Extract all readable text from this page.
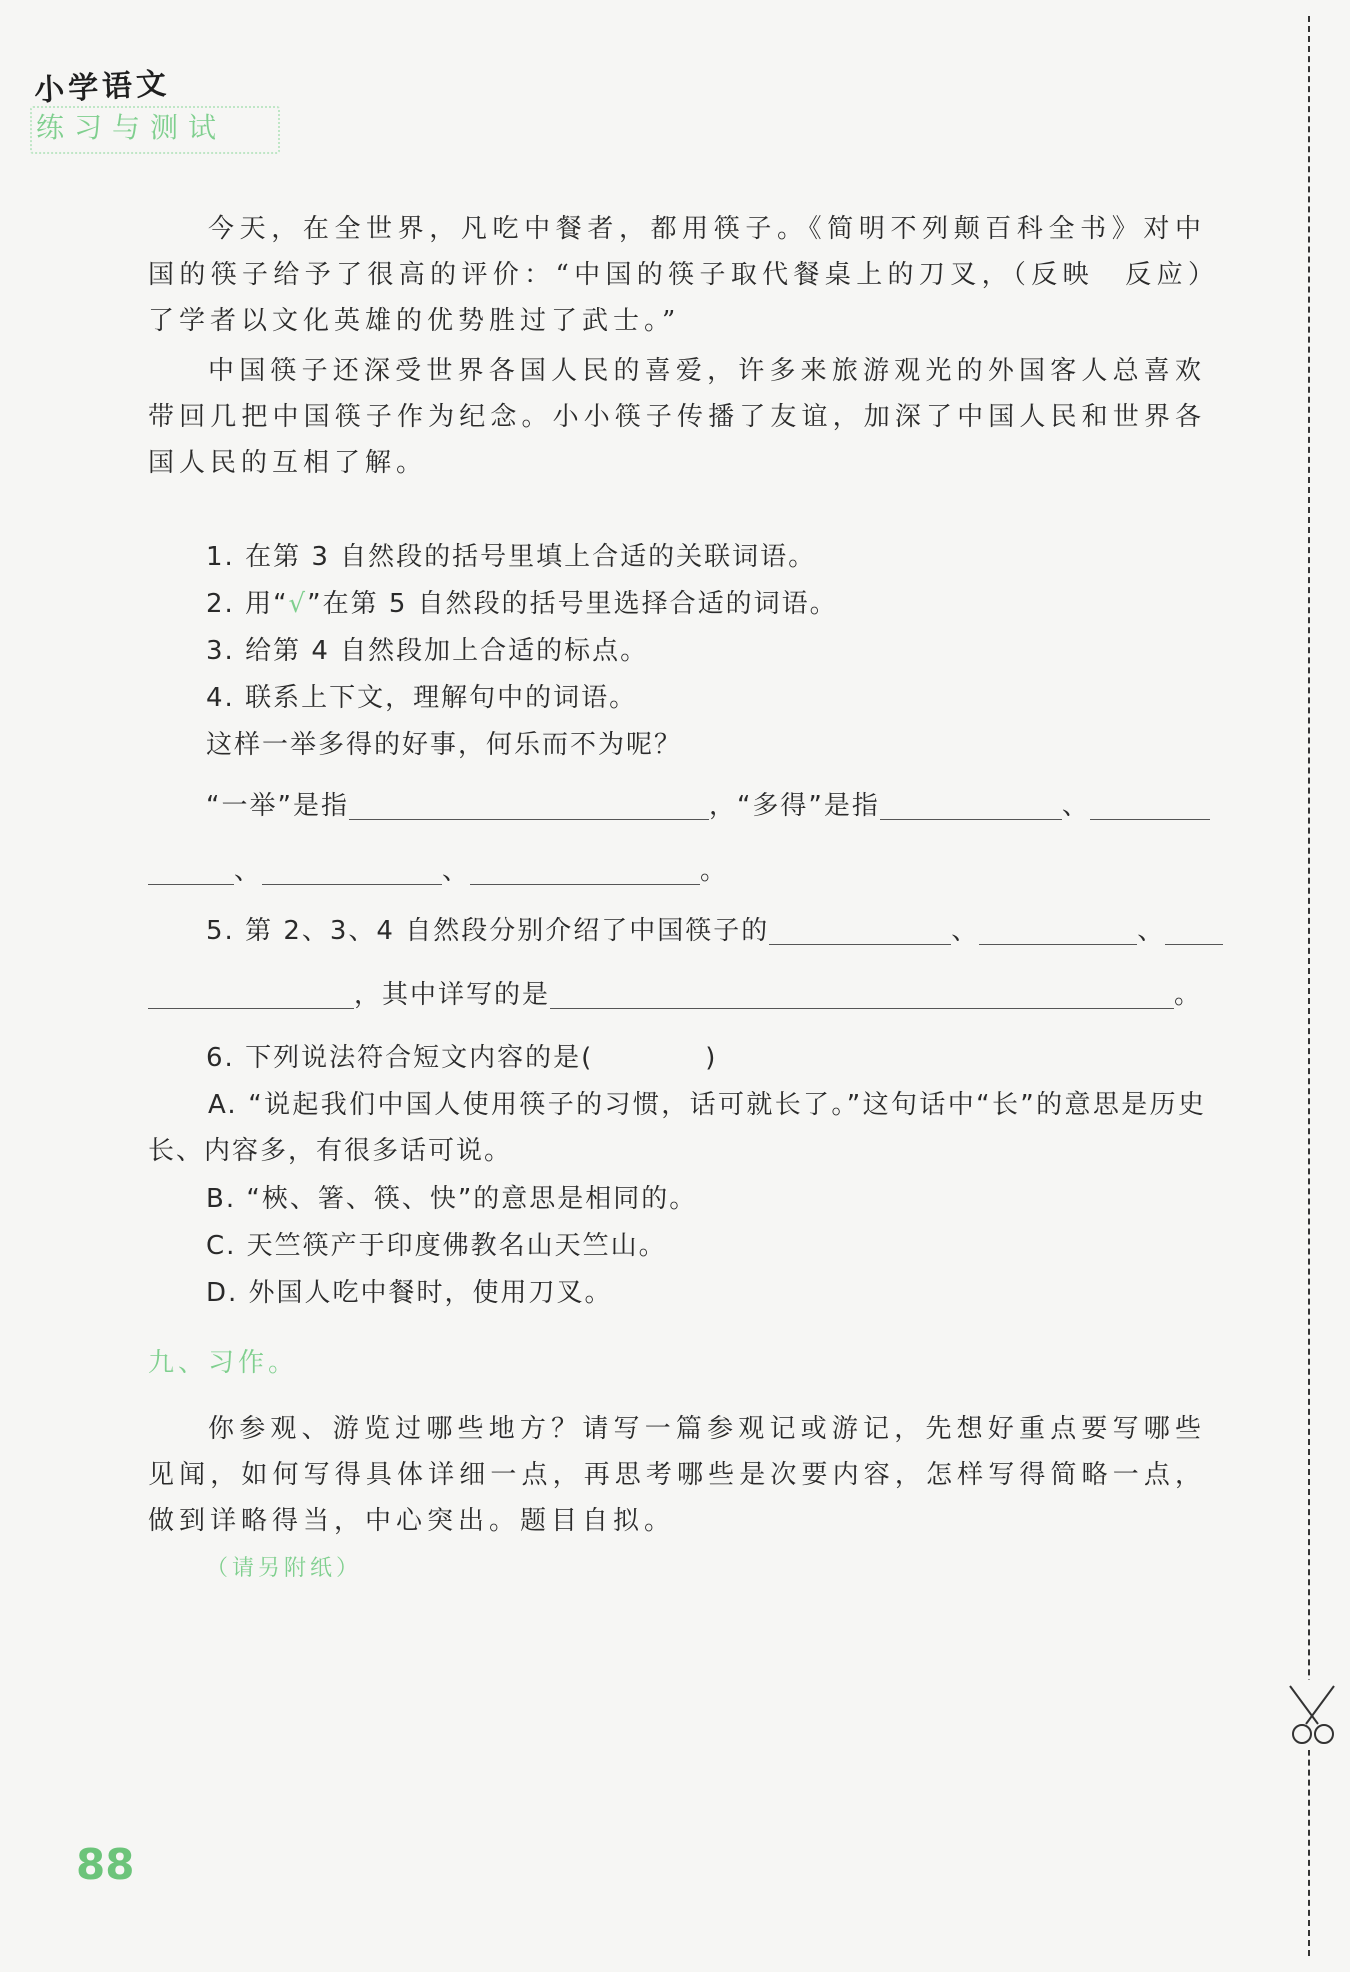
小学语文
练习与测试
今天，在全世界，凡吃中餐者，都用筷子。《简明不列颠百科全书》对中国的筷子给予了很高的评价：“中国的筷子取代餐桌上的刀叉，（反映　反应）了学者以文化英雄的优势胜过了武士。”
中国筷子还深受世界各国人民的喜爱，许多来旅游观光的外国客人总喜欢带回几把中国筷子作为纪念。小小筷子传播了友谊，加深了中国人民和世界各国人民的互相了解。
1. 在第 3 自然段的括号里填上合适的关联词语。
2. 用“√”在第 5 自然段的括号里选择合适的词语。
3. 给第 4 自然段加上合适的标点。
4. 联系上下文，理解句中的词语。
这样一举多得的好事，何乐而不为呢？
“一举”是指	，“多得”是指	、
、	、	。
5. 第 2、3、4 自然段分别介绍了中国筷子的	、	、
，其中详写的是	。
6. 下列说法符合短文内容的是(　　　　)
A. “说起我们中国人使用筷子的习惯，话可就长了。”这句话中“长”的意思是历史长、内容多，有很多话可说。
B. “梜、箸、筷、快”的意思是相同的。
C. 天竺筷产于印度佛教名山天竺山。
D. 外国人吃中餐时，使用刀叉。
九、习作。
你参观、游览过哪些地方？请写一篇参观记或游记，先想好重点要写哪些见闻，如何写得具体详细一点，再思考哪些是次要内容，怎样写得简略一点，做到详略得当，中心突出。题目自拟。
（请另附纸）
88
